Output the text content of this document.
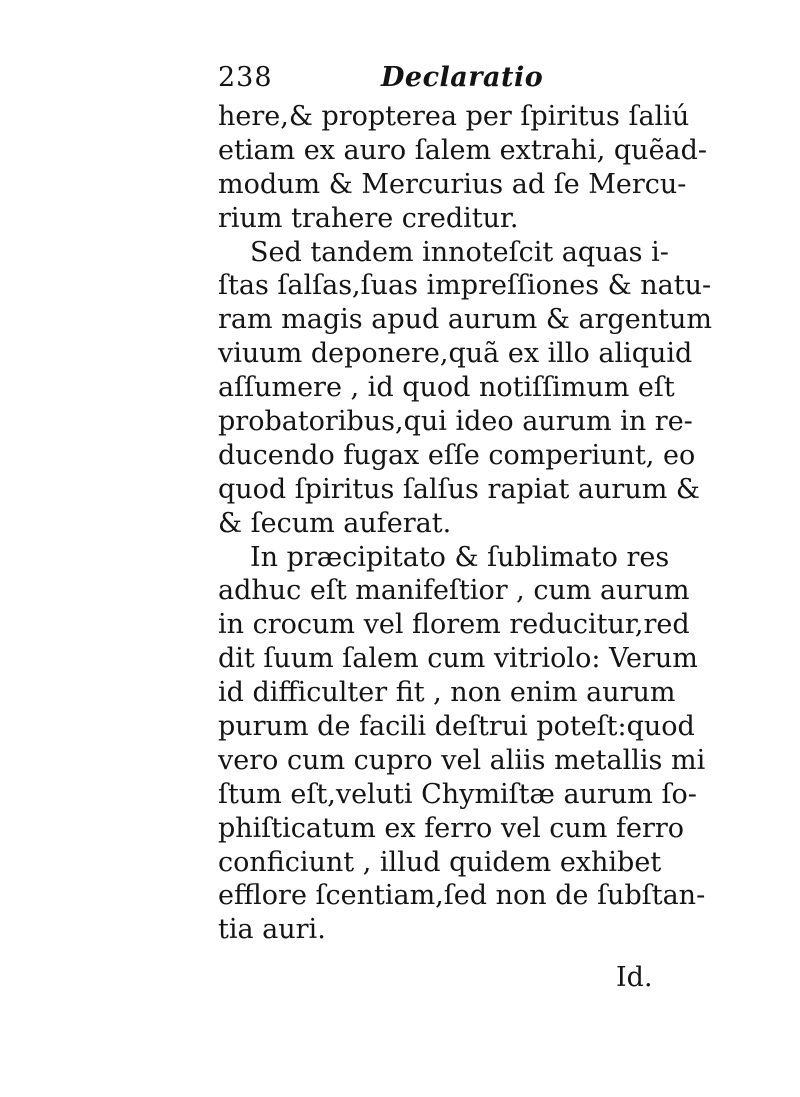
238	Declaratio
here,& propterea per ſpiritus ſaliú
etiam ex auro ſalem extrahi, quẽad-
modum & Mercurius ad ſe Mercu-
rium trahere creditur.
Sed tandem innoteſcit aquas i-
ſtas ſalſas,ſuas impreſſiones & natu-
ram magis apud aurum & argentum
viuum deponere,quã ex illo aliquid
aſſumere , id quod notiſſimum eſt
probatoribus,qui ideo aurum in re-
ducendo fugax eſſe comperiunt, eo
quod ſpiritus ſalſus rapiat aurum &
& ſecum auferat.
In præcipitato & ſublimato res
adhuc eſt manifeſtior , cum aurum
in crocum vel florem reducitur,red
dit ſuum ſalem cum vitriolo: Verum
id difficulter fit , non enim aurum
purum de facili deſtrui poteſt:quod
vero cum cupro vel aliis metallis mi
ſtum eſt,veluti Chymiſtæ aurum ſo-
phiſticatum ex ferro vel cum ferro
conficiunt , illud quidem exhibet
efflore ſcentiam,ſed non de ſubſtan-
tia auri.
Id.
